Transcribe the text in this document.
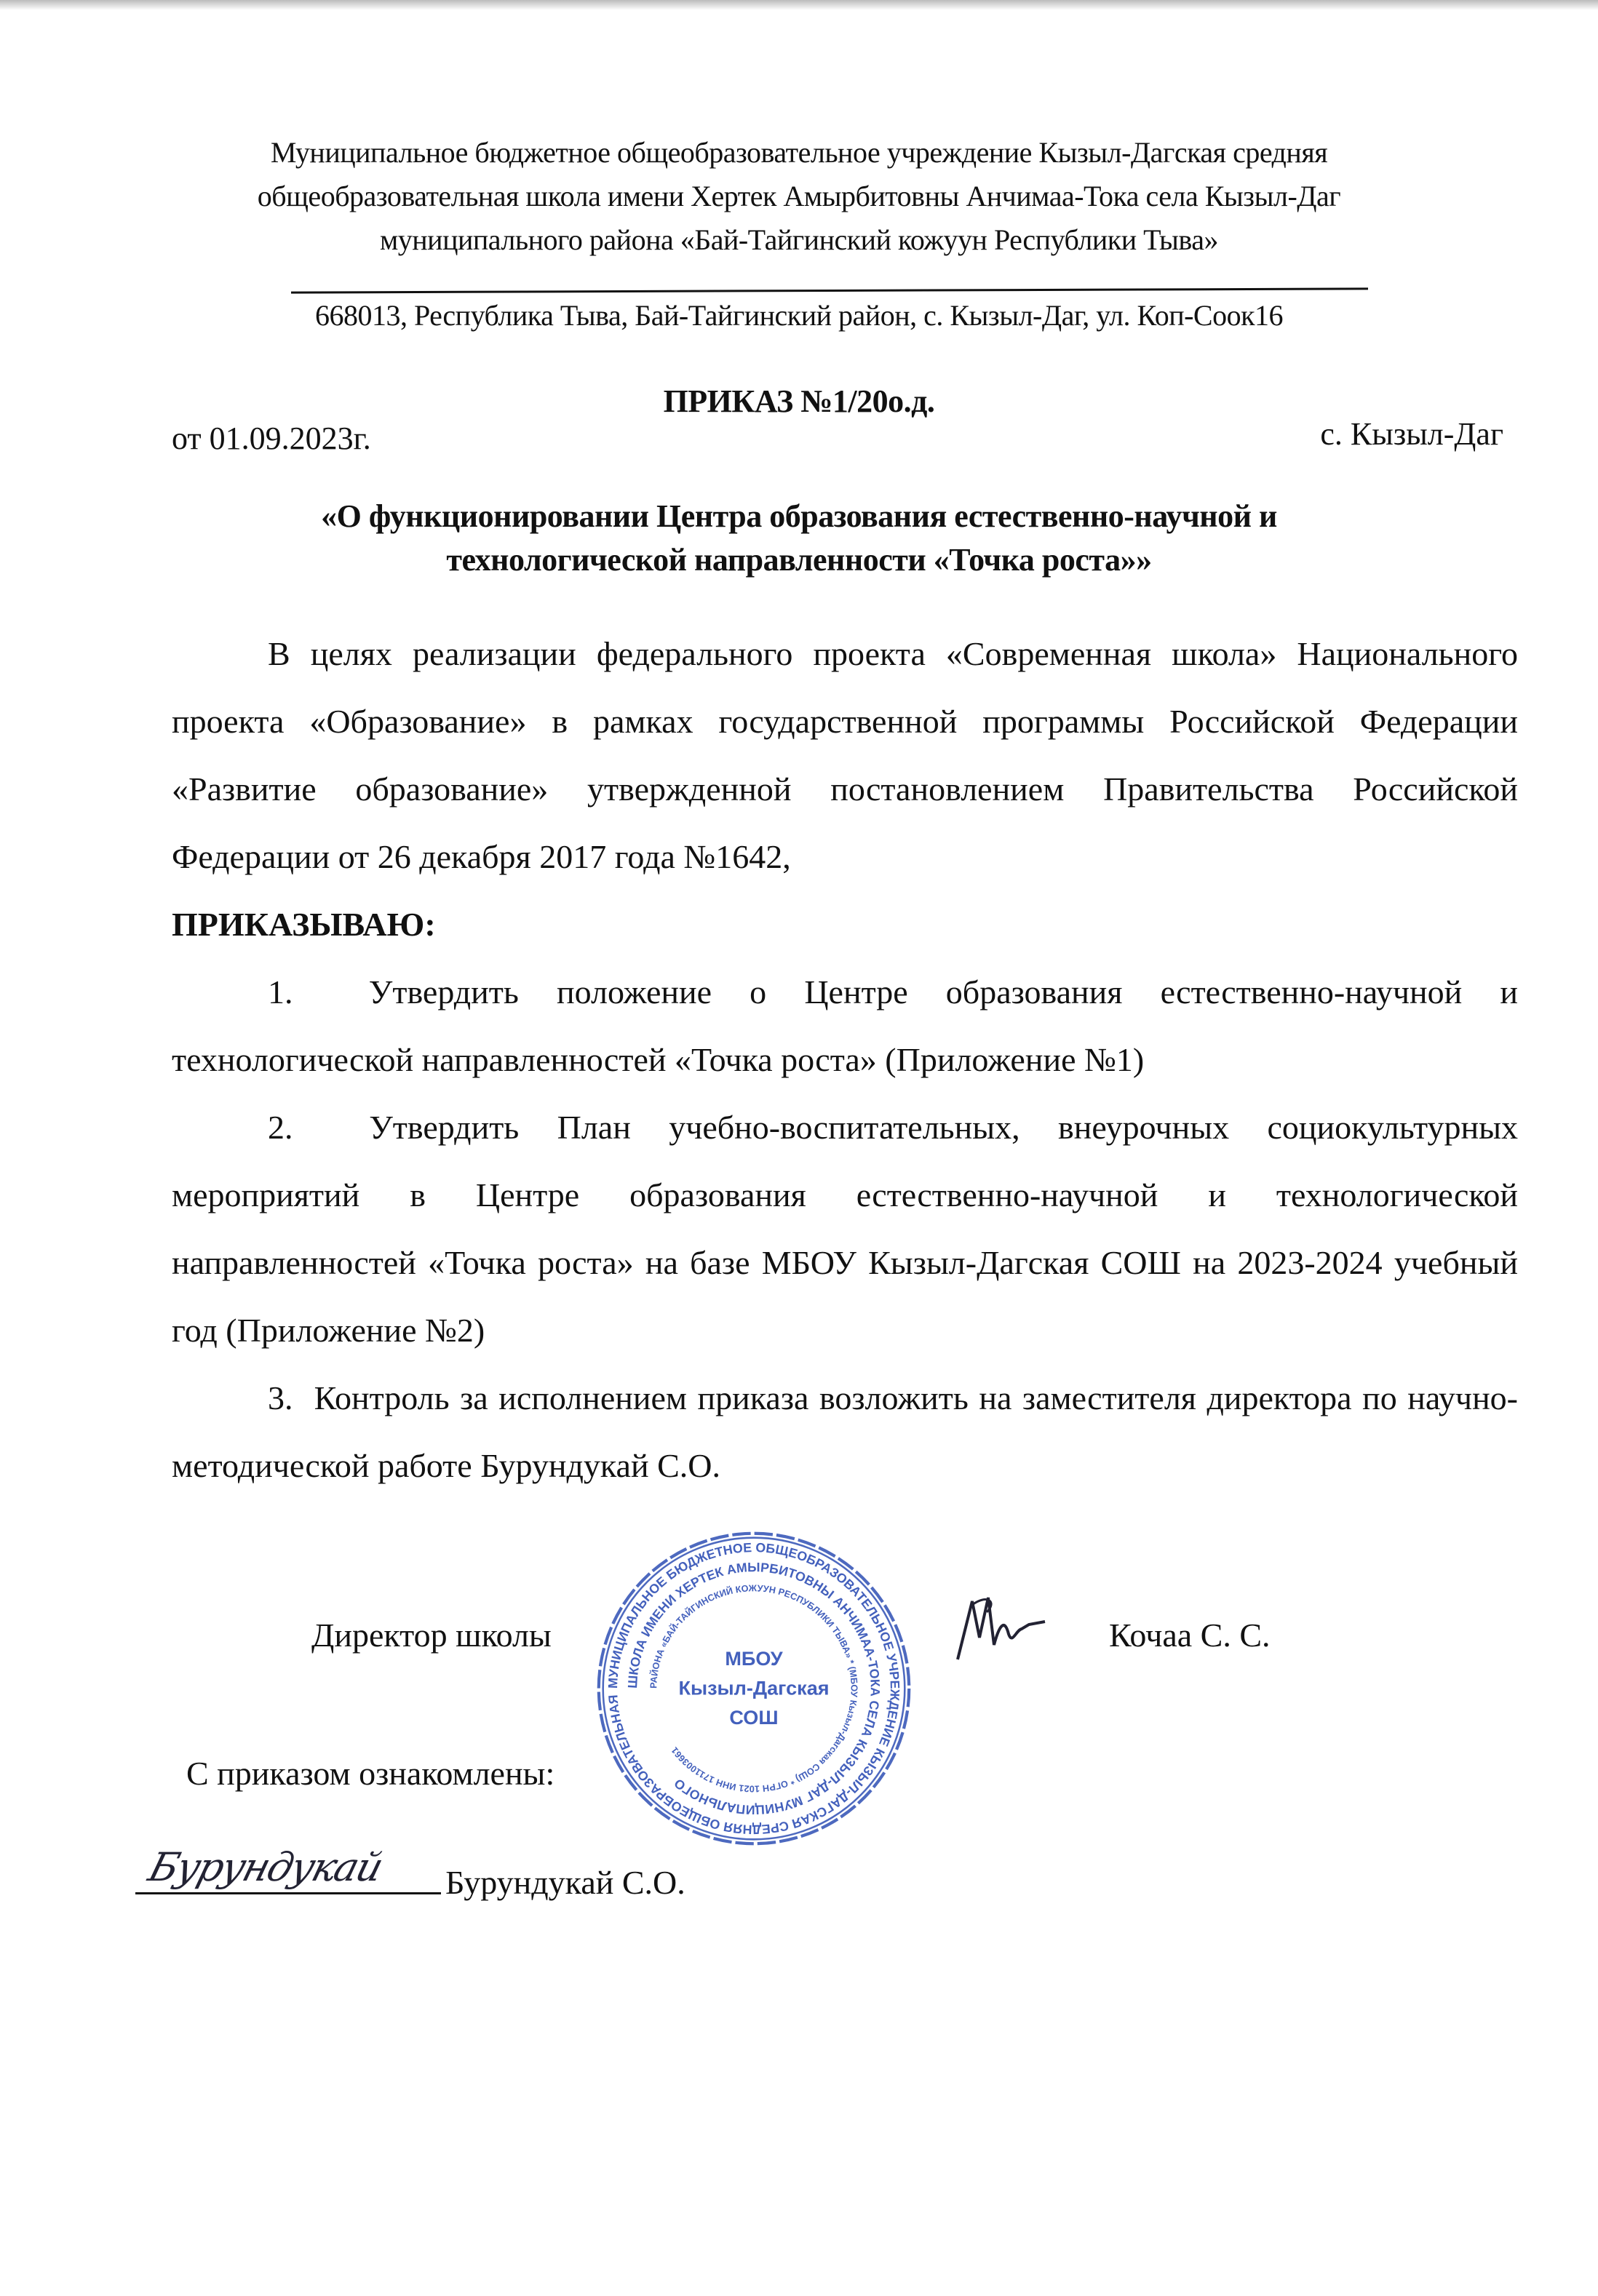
Муниципальное бюджетное общеобразовательное учреждение Кызыл-Дагская средняя
общеобразовательная школа имени Хертек Амырбитовны Анчимаа-Тока села Кызыл-Даг
муниципального района «Бай-Тайгинский кожуун Республики Тыва»
668013, Республика Тыва, Бай-Тайгинский район, с. Кызыл-Даг, ул. Коп-Соок16
ПРИКАЗ №1/20о.д.
от 01.09.2023г.	с. Кызыл-Даг
«О функционировании Центра образования естественно-научной и
технологической направленности «Точка роста»»

В целях реализации федерального проекта «Современная школа» Национального проекта «Образование» в рамках государственной программы Российской Федерации «Развитие образование» утвержденной постановлением Правительства Российской Федерации от 26 декабря 2017 года №1642,

ПРИКАЗЫВАЮ:

1. Утвердить положение о Центре образования естественно-научной и технологической направленностей «Точка роста» (Приложение №1)

2. Утвердить План учебно-воспитательных, внеурочных социокультурных мероприятий в Центре образования естественно-научной и технологической направленностей «Точка роста» на базе МБОУ Кызыл-Дагская СОШ на 2023-2024 учебный год (Приложение №2)

3. Контроль за исполнением приказа возложить на заместителя директора по научно-методической работе Бурундукай С.О.

Директор школы	Кочаа С. С.
МУНИЦИПАЛЬНОЕ БЮДЖЕТНОЕ ОБЩЕОБРАЗОВАТЕЛЬНОЕ УЧРЕЖДЕНИЕ КЫЗЫЛ-ДАГСКАЯ СРЕДНЯЯ ОБЩЕОБРАЗОВАТЕЛЬНАЯ
ШКОЛА ИМЕНИ ХЕРТЕК АМЫРБИТОВНЫ АНЧИМАА-ТОКА СЕЛА КЫЗЫЛ-ДАГ МУНИЦИПАЛЬНОГО
РАЙОНА «БАЙ-ТАЙГИНСКИЙ КОЖУУН РЕСПУБЛИКИ ТЫВА» * (МБОУ Кызыл-Дагская СОШ) * ОГРН 1021 ИНН 1711003661
МБОУ
Кызыл-Дагская
СОШ
С приказом ознакомлены:
Бурундукай Бурундукай С.О.
